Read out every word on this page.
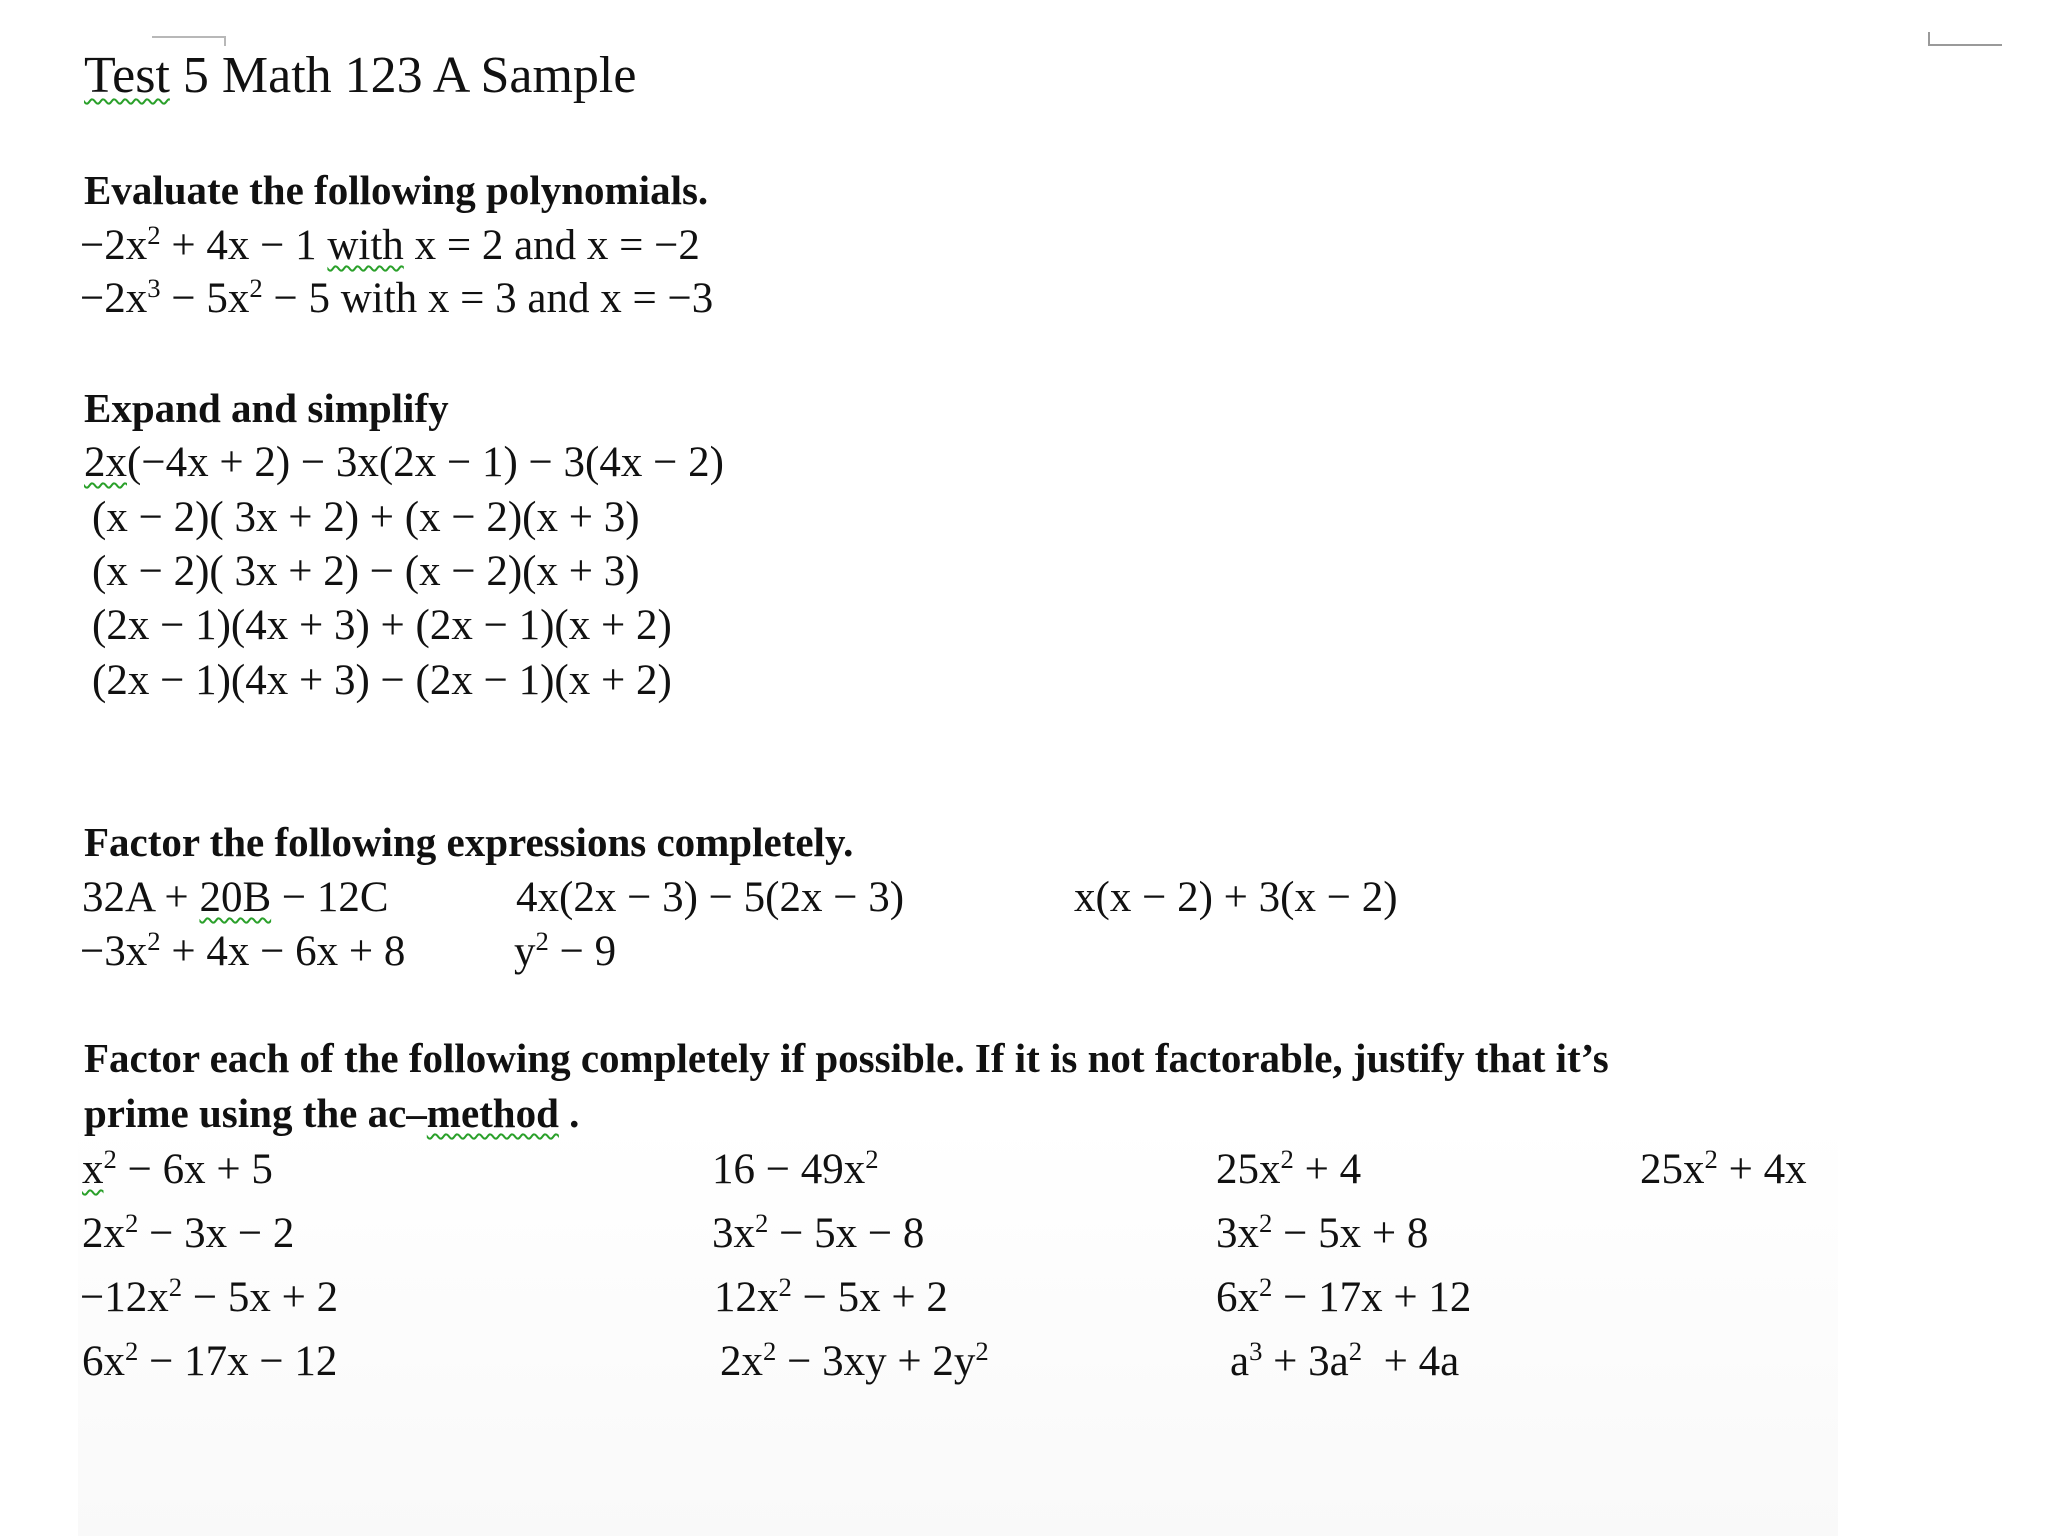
Test 5 Math 123 A Sample
Evaluate the following polynomials.
$-2x^2 + 4x - 1$ with x = 2 and x = −2
$-2x^3 - 5x^2 - 5$ with x = 3 and x = −3
Expand and simplify
2x(−4x + 2) − 3x(2x − 1) − 3(4x − 2)
(x − 2)( 3x + 2) + (x − 2)(x + 3)
(x − 2)( 3x + 2) − (x − 2)(x + 3)
(2x − 1)(4x + 3) + (2x − 1)(x + 2)
(2x − 1)(4x + 3) − (2x − 1)(x + 2)
Factor the following expressions completely.
32A + 20B − 12C	4x(2x − 3) − 5(2x − 3)	x(x − 2) + 3(x − 2)
$-3x^2 + 4x - 6x + 8$	$y^2 - 9$
Factor each of the following completely if possible. If it is not factorable, justify that it’s
prime using the ac–method .
$x^2 - 6x + 5$	$16 - 49x^2$	$25x^2 + 4$	$25x^2 + 4x$
$2x^2 - 3x - 2$	$3x^2 - 5x - 8$	$3x^2 - 5x + 8$
$-12x^2 - 5x + 2$	$12x^2 - 5x + 2$	$6x^2 - 17x + 12$
$6x^2 - 17x - 12$	$2x^2 - 3xy + 2y^2$	$a^3 + 3a^2 + 4a$
